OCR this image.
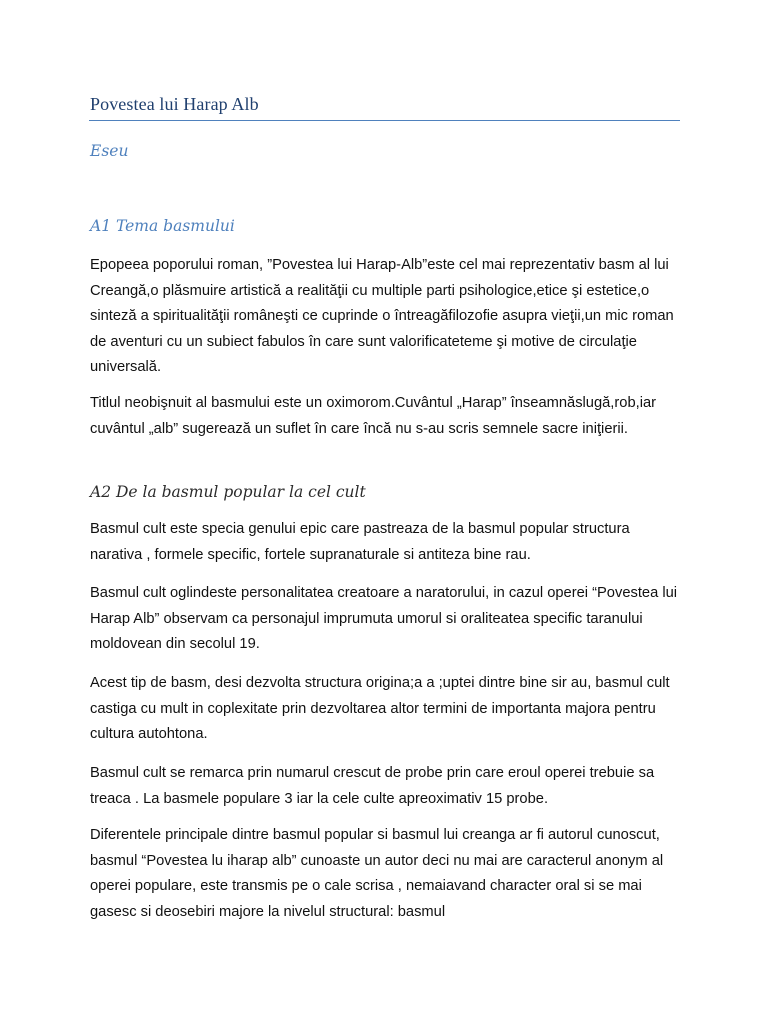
Povestea lui Harap Alb
Eseu
A1 Tema basmului

Epopeea poporului roman, ”Povestea lui Harap-Alb”este cel mai reprezentativ basm al lui Creangă,o plăsmuire artistică a realităţii cu multiple parti psihologice,etice şi estetice,o sinteză a spiritualităţii româneşti ce cuprinde o întreagăfilozofie asupra vieţii,un mic roman de aventuri cu un subiect fabulos în care sunt valorificateteme şi motive de circulaţie universală.

Titlul neobişnuit al basmului este un oximorom.Cuvântul „Harap” înseamnăslugă,rob,iar cuvântul „alb” sugerează un suflet în care încă nu s-au scris semnele sacre iniţierii.

A2 De la basmul popular la cel cult

Basmul cult este specia genului epic care pastreaza de la basmul popular structura narativa , formele specific, fortele supranaturale si antiteza bine rau.

Basmul cult oglindeste personalitatea creatoare a naratorului, in cazul operei “Povestea lui Harap Alb” observam ca personajul imprumuta umorul si oraliteatea specific taranului moldovean din secolul 19.

Acest tip de basm, desi dezvolta structura origina;a a ;uptei dintre bine sir au, basmul cult castiga cu mult in coplexitate prin dezvoltarea altor termini de importanta majora pentru cultura autohtona.

Basmul cult se remarca prin numarul crescut de probe prin care eroul operei trebuie sa treaca . La basmele populare 3 iar la cele culte apreoximativ 15 probe.

Diferentele principale dintre basmul popular si basmul lui creanga ar fi autorul cunoscut, basmul “Povestea lu iharap alb” cunoaste un autor deci nu mai are caracterul anonym al operei populare, este transmis pe o cale scrisa , nemaiavand character oral si se mai gasesc si deosebiri majore la nivelul structural: basmul
